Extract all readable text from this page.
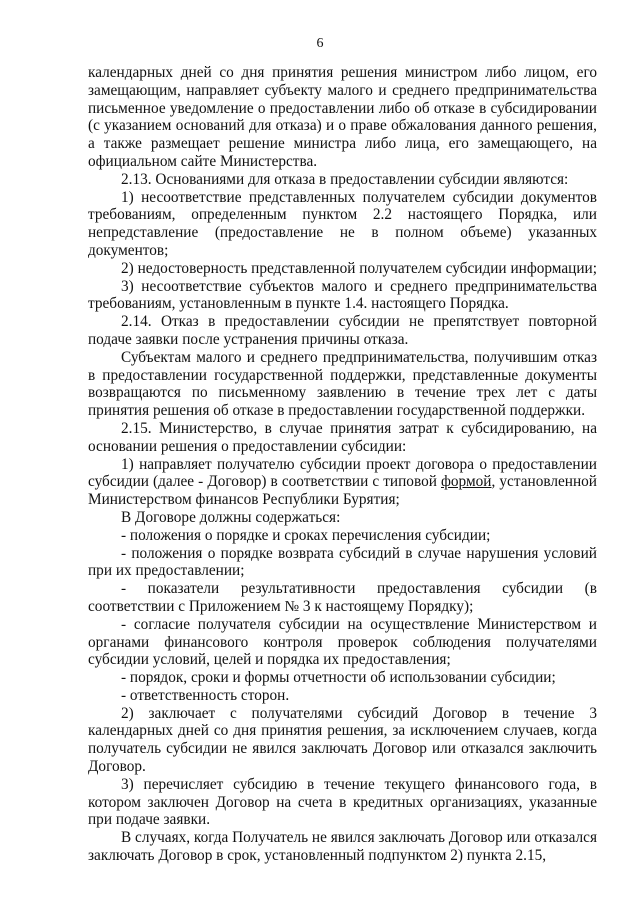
6

календарных дней со дня принятия решения министром либо лицом, его замещающим, направляет субъекту малого и среднего предпринимательства письменное уведомление о предоставлении либо об отказе в субсидировании (с указанием оснований для отказа) и о праве обжалования данного решения, а также размещает решение министра либо лица, его замещающего, на официальном сайте Министерства.

2.13. Основаниями для отказа в предоставлении субсидии являются:

1) несоответствие представленных получателем субсидии документов требованиям, определенным пунктом 2.2 настоящего Порядка, или непредставление (предоставление не в полном объеме) указанных документов;

2) недостоверность представленной получателем субсидии информации;

3) несоответствие субъектов малого и среднего предпринимательства требованиям, установленным в пункте 1.4. настоящего Порядка.

2.14. Отказ в предоставлении субсидии не препятствует повторной подаче заявки после устранения причины отказа.

Субъектам малого и среднего предпринимательства, получившим отказ в предоставлении государственной поддержки, представленные документы возвращаются по письменному заявлению в течение трех лет с даты принятия решения об отказе в предоставлении государственной поддержки.

2.15. Министерство, в случае принятия затрат к субсидированию, на основании решения о предоставлении субсидии:

1) направляет получателю субсидии проект договора о предоставлении субсидии (далее - Договор) в соответствии с типовой формой, установленной Министерством финансов Республики Бурятия;

В Договоре должны содержаться:

- положения о порядке и сроках перечисления субсидии;

- положения о порядке возврата субсидий в случае нарушения условий при их предоставлении;

- показатели результативности предоставления субсидии (в соответствии с Приложением № 3 к настоящему Порядку);

- согласие получателя субсидии на осуществление Министерством и органами финансового контроля проверок соблюдения получателями субсидии условий, целей и порядка их предоставления;

- порядок, сроки и формы отчетности об использовании субсидии;

- ответственность сторон.

2) заключает с получателями субсидий Договор в течение 3 календарных дней со дня принятия решения, за исключением случаев, когда получатель субсидии не явился заключать Договор или отказался заключить Договор.

3) перечисляет субсидию в течение текущего финансового года, в котором заключен Договор на счета в кредитных организациях, указанные при подаче заявки.

В случаях, когда Получатель не явился заключать Договор или отказался заключать Договор в срок, установленный подпунктом 2) пункта 2.15,
